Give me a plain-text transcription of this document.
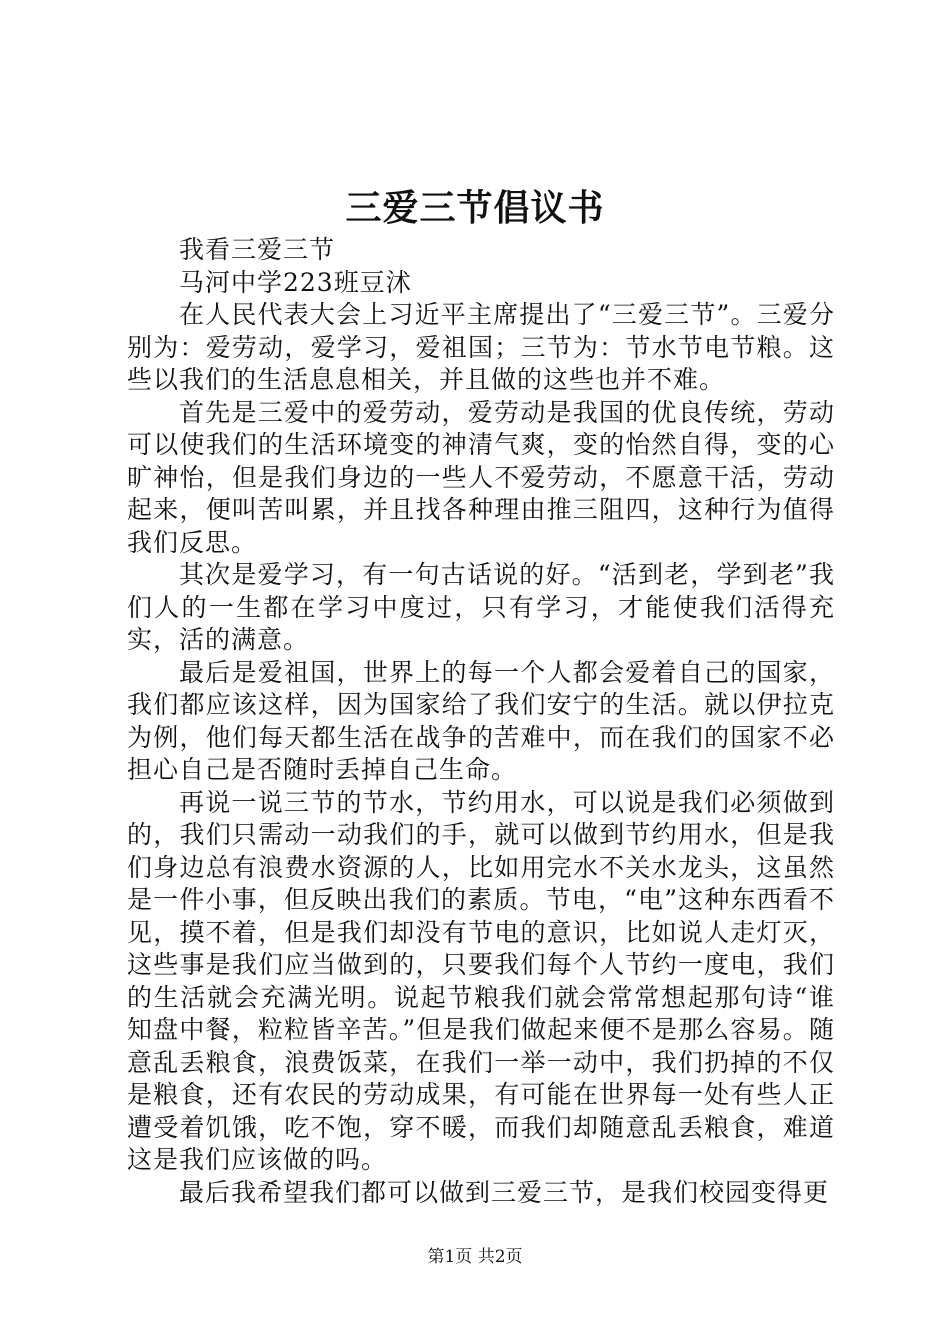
三爱三节倡议书

我看三爱三节

马河中学223班豆沭

在人民代表大会上习近平主席提出了“三爱三节”。三爱分别为：爱劳动，爱学习，爱祖国；三节为：节水节电节粮。这些以我们的生活息息相关，并且做的这些也并不难。

首先是三爱中的爱劳动，爱劳动是我国的优良传统，劳动可以使我们的生活环境变的神清气爽，变的怡然自得，变的心旷神怡，但是我们身边的一些人不爱劳动，不愿意干活，劳动起来，便叫苦叫累，并且找各种理由推三阻四，这种行为值得我们反思。

其次是爱学习，有一句古话说的好。“活到老，学到老”我们人的一生都在学习中度过，只有学习，才能使我们活得充实，活的满意。

最后是爱祖国，世界上的每一个人都会爱着自己的国家，我们都应该这样，因为国家给了我们安宁的生活。就以伊拉克为例，他们每天都生活在战争的苦难中，而在我们的国家不必担心自己是否随时丢掉自己生命。

再说一说三节的节水，节约用水，可以说是我们必须做到的，我们只需动一动我们的手，就可以做到节约用水，但是我们身边总有浪费水资源的人，比如用完水不关水龙头，这虽然是一件小事，但反映出我们的素质。节电，“电”这种东西看不见，摸不着，但是我们却没有节电的意识，比如说人走灯灭，这些事是我们应当做到的，只要我们每个人节约一度电，我们的生活就会充满光明。说起节粮我们就会常常想起那句诗“谁知盘中餐，粒粒皆辛苦。”但是我们做起来便不是那么容易。随意乱丢粮食，浪费饭菜，在我们一举一动中，我们扔掉的不仅是粮食，还有农民的劳动成果，有可能在世界每一处有些人正遭受着饥饿，吃不饱，穿不暖，而我们却随意乱丢粮食，难道这是我们应该做的吗。

最后我希望我们都可以做到三爱三节，是我们校园变得更

第1页 共2页
